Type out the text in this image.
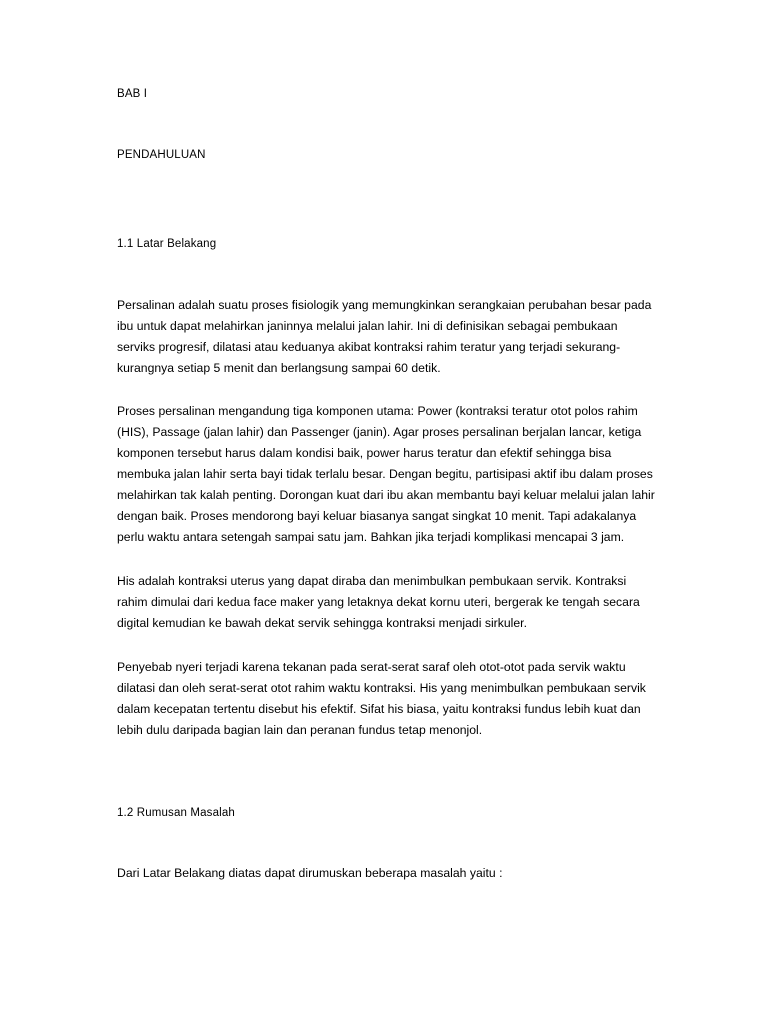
BAB I
PENDAHULUAN
1.1 Latar Belakang
Persalinan adalah suatu proses fisiologik yang memungkinkan serangkaian perubahan besar pada ibu untuk dapat melahirkan janinnya melalui jalan lahir. Ini di definisikan sebagai pembukaan serviks progresif, dilatasi atau keduanya akibat kontraksi rahim teratur yang terjadi sekurang-kurangnya setiap 5 menit dan berlangsung sampai 60 detik.
Proses persalinan mengandung tiga komponen utama: Power (kontraksi teratur otot polos rahim (HIS), Passage (jalan lahir) dan Passenger (janin). Agar proses persalinan berjalan lancar, ketiga komponen tersebut harus dalam kondisi baik, power harus teratur dan efektif sehingga bisa membuka jalan lahir serta bayi tidak terlalu besar. Dengan begitu, partisipasi aktif ibu dalam proses melahirkan tak kalah penting. Dorongan kuat dari ibu akan membantu bayi keluar melalui jalan lahir dengan baik. Proses mendorong bayi keluar biasanya sangat singkat 10 menit. Tapi adakalanya perlu waktu antara setengah sampai satu jam. Bahkan jika terjadi komplikasi mencapai 3 jam.
His adalah kontraksi uterus yang dapat diraba dan menimbulkan pembukaan servik. Kontraksi rahim dimulai dari kedua face maker yang letaknya dekat kornu uteri, bergerak ke tengah secara digital kemudian ke bawah dekat servik sehingga kontraksi menjadi sirkuler.
Penyebab nyeri terjadi karena tekanan pada serat-serat saraf oleh otot-otot pada servik waktu dilatasi dan oleh serat-serat otot rahim waktu kontraksi. His yang menimbulkan pembukaan servik dalam kecepatan tertentu disebut his efektif. Sifat his biasa, yaitu kontraksi fundus lebih kuat dan lebih dulu daripada bagian lain dan peranan fundus tetap menonjol.
1.2 Rumusan Masalah
Dari Latar Belakang diatas dapat dirumuskan beberapa masalah yaitu :
